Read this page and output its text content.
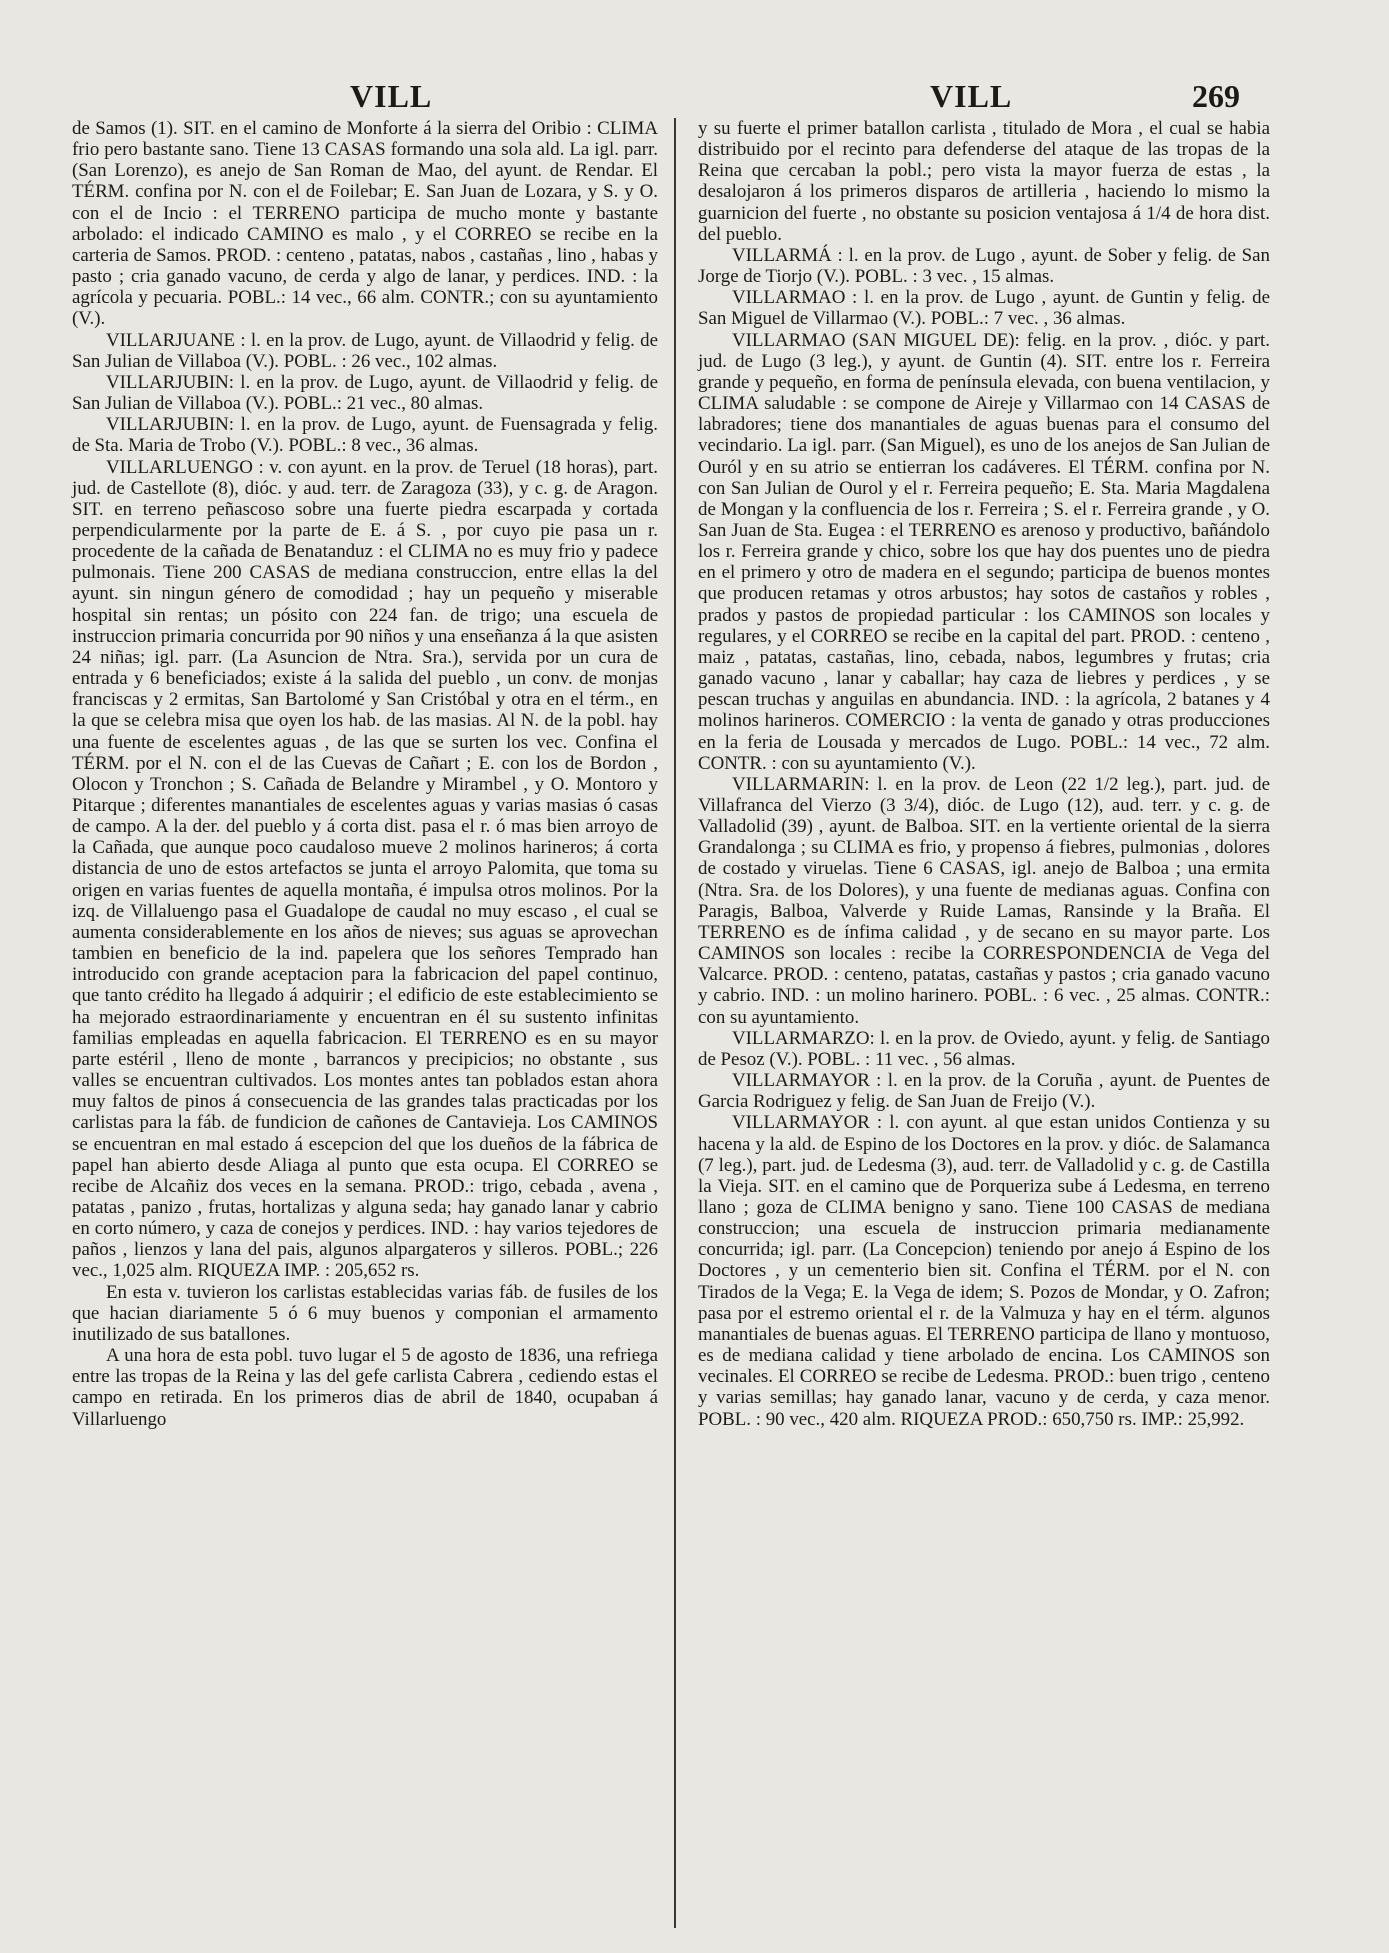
VILL	VILL	269

de Samos (1). SIT. en el camino de Monforte á la sierra del Oribio : CLIMA frio pero bastante sano. Tiene 13 CASAS formando una sola ald. La igl. parr. (San Lorenzo), es anejo de San Roman de Mao, del ayunt. de Rendar. El TÉRM. confina por N. con el de Foilebar; E. San Juan de Lozara, y S. y O. con el de Incio : el TERRENO participa de mucho monte y bastante arbolado: el indicado CAMINO es malo , y el CORREO se recibe en la carteria de Samos. PROD. : centeno , patatas, nabos , castañas , lino , habas y pasto ; cria ganado vacuno, de cerda y algo de lanar, y perdices. IND. : la agrícola y pecuaria. POBL.: 14 vec., 66 alm. CONTR.; con su ayuntamiento (V.).

VILLARJUANE : l. en la prov. de Lugo, ayunt. de Villaodrid y felig. de San Julian de Villaboa (V.). POBL. : 26 vec., 102 almas.

VILLARJUBIN: l. en la prov. de Lugo, ayunt. de Villaodrid y felig. de San Julian de Villaboa (V.). POBL.: 21 vec., 80 almas.

VILLARJUBIN: l. en la prov. de Lugo, ayunt. de Fuensagrada y felig. de Sta. Maria de Trobo (V.). POBL.: 8 vec., 36 almas.

VILLARLUENGO : v. con ayunt. en la prov. de Teruel (18 horas), part. jud. de Castellote (8), dióc. y aud. terr. de Zaragoza (33), y c. g. de Aragon. SIT. en terreno peñascoso sobre una fuerte piedra escarpada y cortada perpendicularmente por la parte de E. á S. , por cuyo pie pasa un r. procedente de la cañada de Benatanduz : el CLIMA no es muy frio y padece pulmonais. Tiene 200 CASAS de mediana construccion, entre ellas la del ayunt. sin ningun género de comodidad ; hay un pequeño y miserable hospital sin rentas; un pósito con 224 fan. de trigo; una escuela de instruccion primaria concurrida por 90 niños y una enseñanza á la que asisten 24 niñas; igl. parr. (La Asuncion de Ntra. Sra.), servida por un cura de entrada y 6 beneficiados; existe á la salida del pueblo , un conv. de monjas franciscas y 2 ermitas, San Bartolomé y San Cristóbal y otra en el térm., en la que se celebra misa que oyen los hab. de las masias. Al N. de la pobl. hay una fuente de escelentes aguas , de las que se surten los vec. Confina el TÉRM. por el N. con el de las Cuevas de Cañart ; E. con los de Bordon , Olocon y Tronchon ; S. Cañada de Belandre y Mirambel , y O. Montoro y Pitarque ; diferentes manantiales de escelentes aguas y varias masias ó casas de campo. A la der. del pueblo y á corta dist. pasa el r. ó mas bien arroyo de la Cañada, que aunque poco caudaloso mueve 2 molinos harineros; á corta distancia de uno de estos artefactos se junta el arroyo Palomita, que toma su origen en varias fuentes de aquella montaña, é impulsa otros molinos. Por la izq. de Villaluengo pasa el Guadalope de caudal no muy escaso , el cual se aumenta considerablemente en los años de nieves; sus aguas se aprovechan tambien en beneficio de la ind. papelera que los señores Temprado han introducido con grande aceptacion para la fabricacion del papel continuo, que tanto crédito ha llegado á adquirir ; el edificio de este establecimiento se ha mejorado estraordinariamente y encuentran en él su sustento infinitas familias empleadas en aquella fabricacion. El TERRENO es en su mayor parte estéril , lleno de monte , barrancos y precipicios; no obstante , sus valles se encuentran cultivados. Los montes antes tan poblados estan ahora muy faltos de pinos á consecuencia de las grandes talas practicadas por los carlistas para la fáb. de fundicion de cañones de Cantavieja. Los CAMINOS se encuentran en mal estado á escepcion del que los dueños de la fábrica de papel han abierto desde Aliaga al punto que esta ocupa. El CORREO se recibe de Alcañiz dos veces en la semana. PROD.: trigo, cebada , avena , patatas , panizo , frutas, hortalizas y alguna seda; hay ganado lanar y cabrio en corto número, y caza de conejos y perdices. IND. : hay varios tejedores de paños , lienzos y lana del pais, algunos alpargateros y silleros. POBL.; 226 vec., 1,025 alm. RIQUEZA IMP. : 205,652 rs.

En esta v. tuvieron los carlistas establecidas varias fáb. de fusiles de los que hacian diariamente 5 ó 6 muy buenos y componian el armamento inutilizado de sus batallones.

A una hora de esta pobl. tuvo lugar el 5 de agosto de 1836, una refriega entre las tropas de la Reina y las del gefe carlista Cabrera , cediendo estas el campo en retirada. En los primeros dias de abril de 1840, ocupaban á Villarluengo

y su fuerte el primer batallon carlista , titulado de Mora , el cual se habia distribuido por el recinto para defenderse del ataque de las tropas de la Reina que cercaban la pobl.; pero vista la mayor fuerza de estas , la desalojaron á los primeros disparos de artilleria , haciendo lo mismo la guarnicion del fuerte , no obstante su posicion ventajosa á 1/4 de hora dist. del pueblo.

VILLARMÁ : l. en la prov. de Lugo , ayunt. de Sober y felig. de San Jorge de Tiorjo (V.). POBL. : 3 vec. , 15 almas.

VILLARMAO : l. en la prov. de Lugo , ayunt. de Guntin y felig. de San Miguel de Villarmao (V.). POBL.: 7 vec. , 36 almas.

VILLARMAO (SAN MIGUEL DE): felig. en la prov. , dióc. y part. jud. de Lugo (3 leg.), y ayunt. de Guntin (4). SIT. entre los r. Ferreira grande y pequeño, en forma de península elevada, con buena ventilacion, y CLIMA saludable : se compone de Aireje y Villarmao con 14 CASAS de labradores; tiene dos manantiales de aguas buenas para el consumo del vecindario. La igl. parr. (San Miguel), es uno de los anejos de San Julian de Ouról y en su atrio se entierran los cadáveres. El TÉRM. confina por N. con San Julian de Ourol y el r. Ferreira pequeño; E. Sta. Maria Magdalena de Mongan y la confluencia de los r. Ferreira ; S. el r. Ferreira grande , y O. San Juan de Sta. Eugea : el TERRENO es arenoso y productivo, bañándolo los r. Ferreira grande y chico, sobre los que hay dos puentes uno de piedra en el primero y otro de madera en el segundo; participa de buenos montes que producen retamas y otros arbustos; hay sotos de castaños y robles , prados y pastos de propiedad particular : los CAMINOS son locales y regulares, y el CORREO se recibe en la capital del part. PROD. : centeno , maiz , patatas, castañas, lino, cebada, nabos, legumbres y frutas; cria ganado vacuno , lanar y caballar; hay caza de liebres y perdices , y se pescan truchas y anguilas en abundancia. IND. : la agrícola, 2 batanes y 4 molinos harineros. COMERCIO : la venta de ganado y otras producciones en la feria de Lousada y mercados de Lugo. POBL.: 14 vec., 72 alm. CONTR. : con su ayuntamiento (V.).

VILLARMARIN: l. en la prov. de Leon (22 1/2 leg.), part. jud. de Villafranca del Vierzo (3 3/4), dióc. de Lugo (12), aud. terr. y c. g. de Valladolid (39) , ayunt. de Balboa. SIT. en la vertiente oriental de la sierra Grandalonga ; su CLIMA es frio, y propenso á fiebres, pulmonias , dolores de costado y viruelas. Tiene 6 CASAS, igl. anejo de Balboa ; una ermita (Ntra. Sra. de los Dolores), y una fuente de medianas aguas. Confina con Paragis, Balboa, Valverde y Ruide Lamas, Ransinde y la Braña. El TERRENO es de ínfima calidad , y de secano en su mayor parte. Los CAMINOS son locales : recibe la CORRESPONDENCIA de Vega del Valcarce. PROD. : centeno, patatas, castañas y pastos ; cria ganado vacuno y cabrio. IND. : un molino harinero. POBL. : 6 vec. , 25 almas. CONTR.: con su ayuntamiento.

VILLARMARZO: l. en la prov. de Oviedo, ayunt. y felig. de Santiago de Pesoz (V.). POBL. : 11 vec. , 56 almas.

VILLARMAYOR : l. en la prov. de la Coruña , ayunt. de Puentes de Garcia Rodriguez y felig. de San Juan de Freijo (V.).

VILLARMAYOR : l. con ayunt. al que estan unidos Contienza y su hacena y la ald. de Espino de los Doctores en la prov. y dióc. de Salamanca (7 leg.), part. jud. de Ledesma (3), aud. terr. de Valladolid y c. g. de Castilla la Vieja. SIT. en el camino que de Porqueriza sube á Ledesma, en terreno llano ; goza de CLIMA benigno y sano. Tiene 100 CASAS de mediana construccion; una escuela de instruccion primaria medianamente concurrida; igl. parr. (La Concepcion) teniendo por anejo á Espino de los Doctores , y un cementerio bien sit. Confina el TÉRM. por el N. con Tirados de la Vega; E. la Vega de idem; S. Pozos de Mondar, y O. Zafron; pasa por el estremo oriental el r. de la Valmuza y hay en el térm. algunos manantiales de buenas aguas. El TERRENO participa de llano y montuoso, es de mediana calidad y tiene arbolado de encina. Los CAMINOS son vecinales. El CORREO se recibe de Ledesma. PROD.: buen trigo , centeno y varias semillas; hay ganado lanar, vacuno y de cerda, y caza menor. POBL. : 90 vec., 420 alm. RIQUEZA PROD.: 650,750 rs. IMP.: 25,992.
